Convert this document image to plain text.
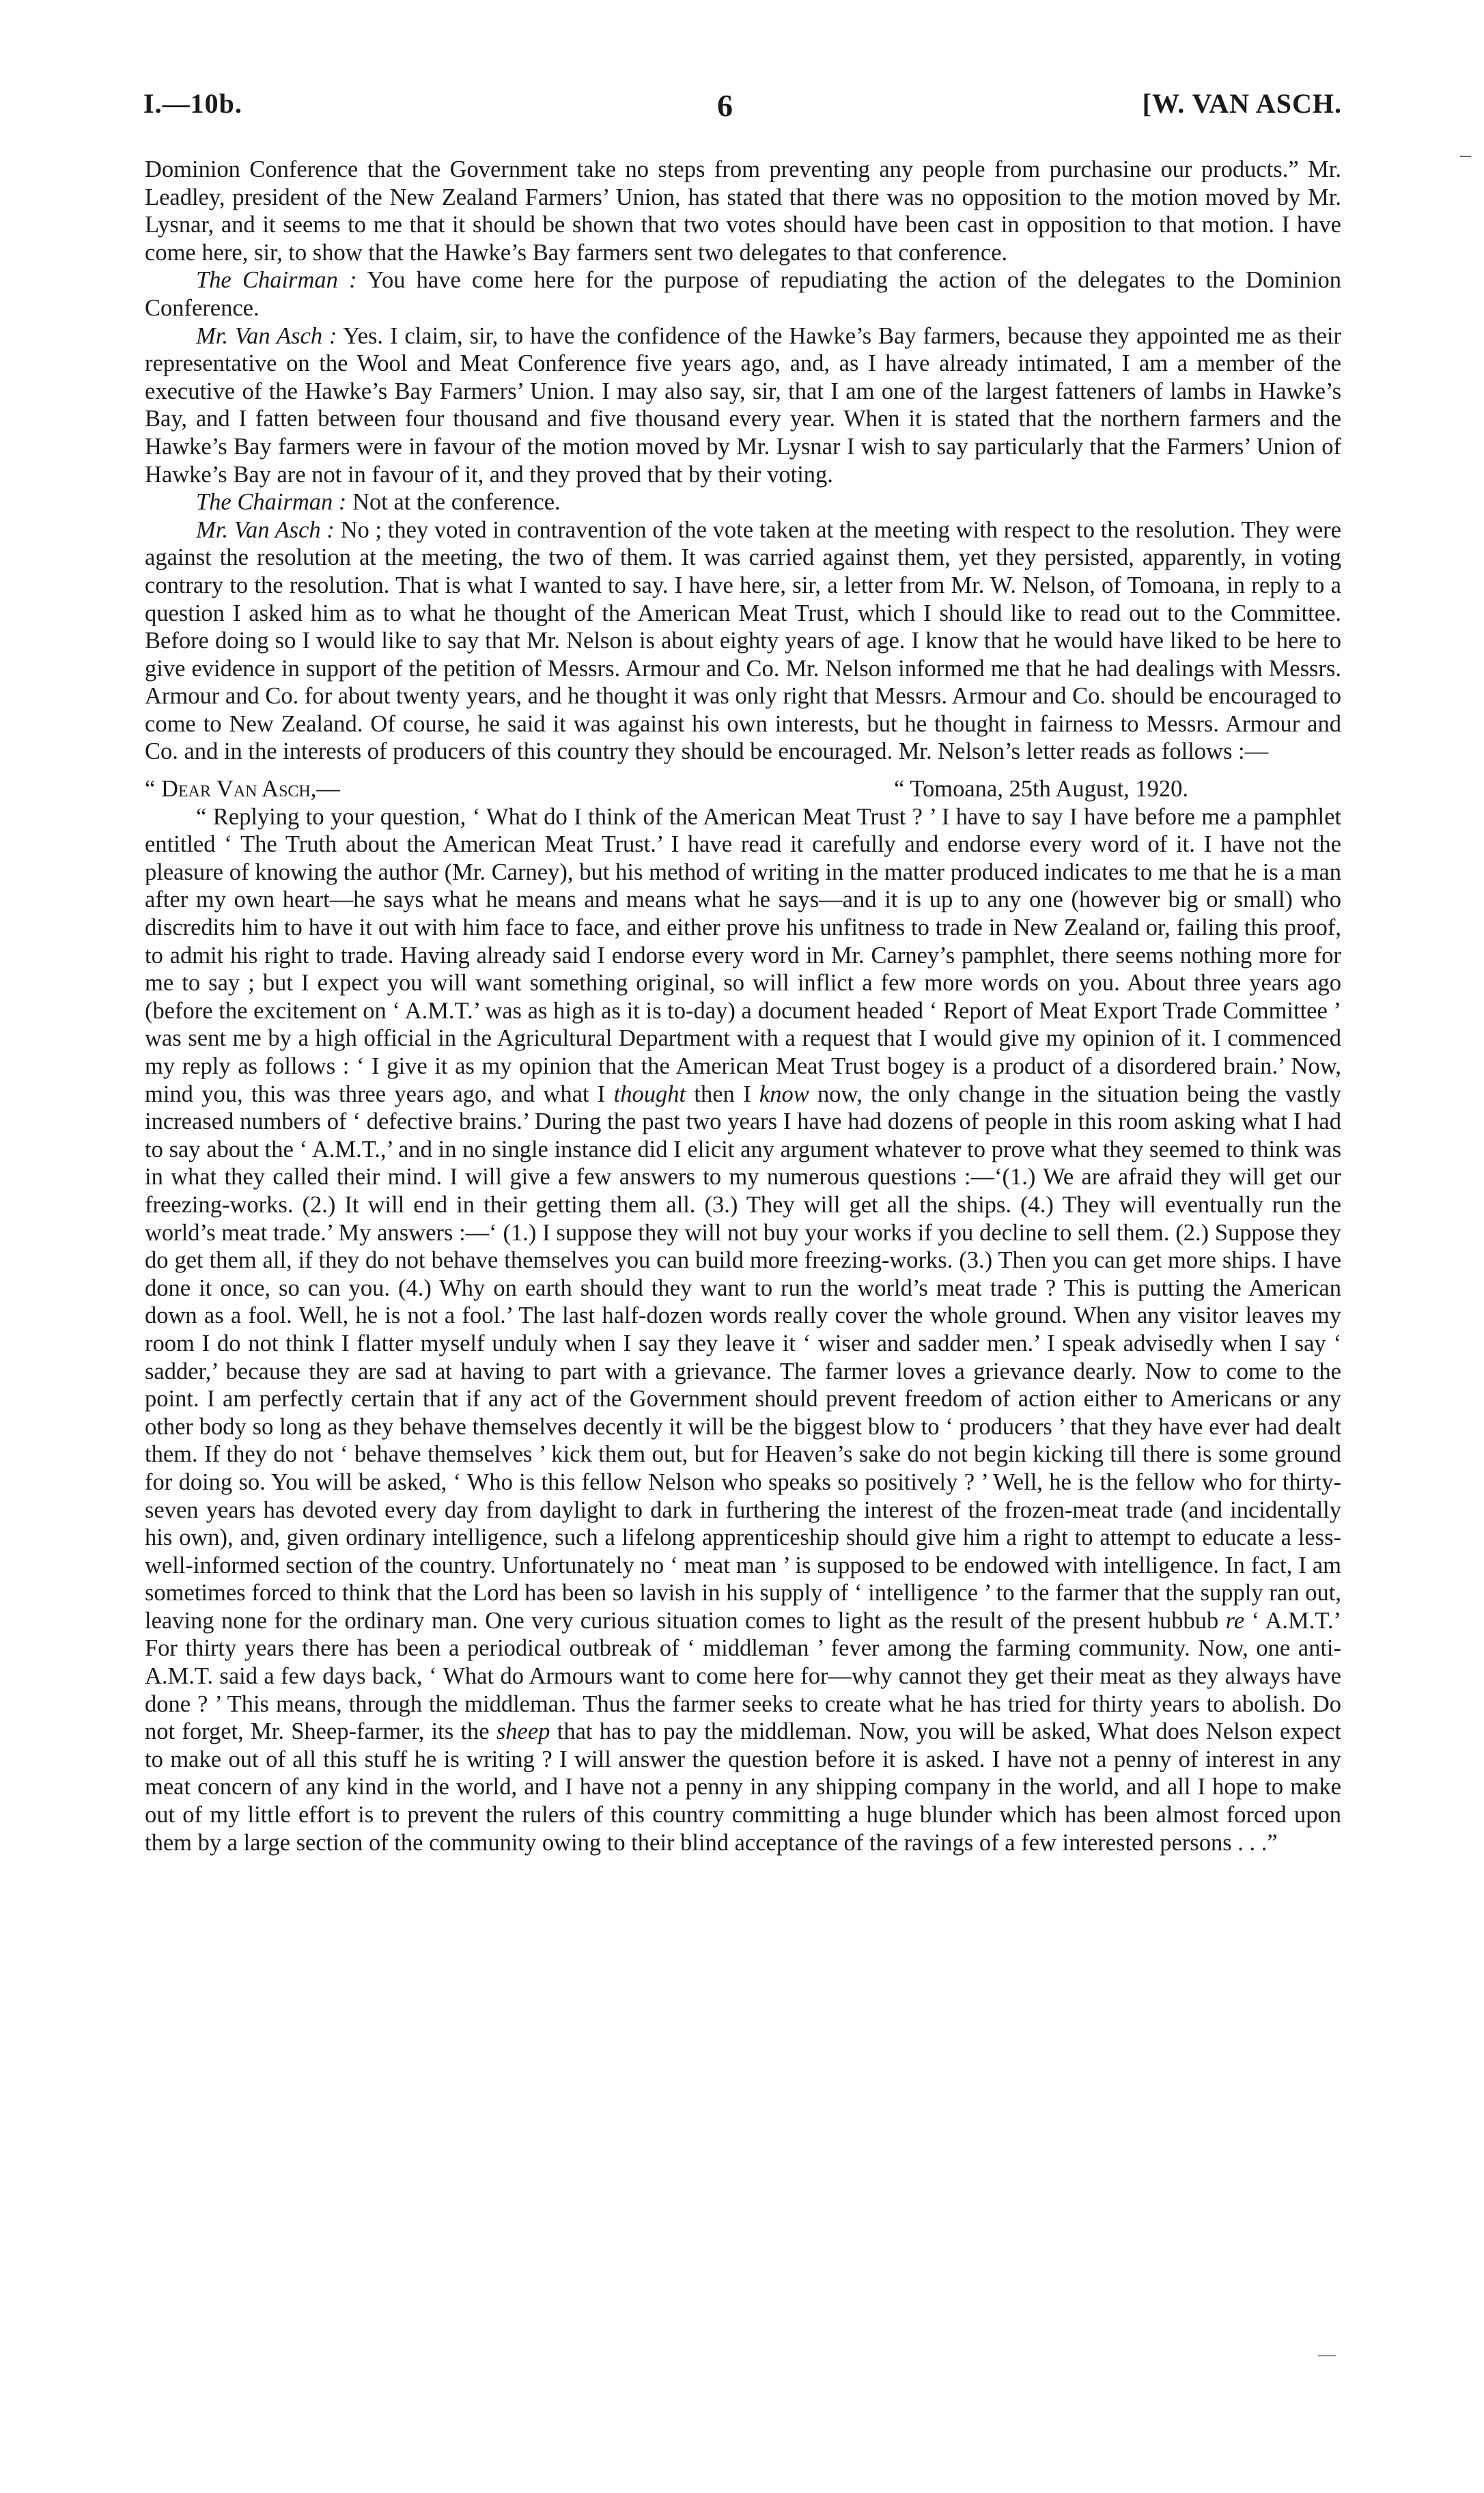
I.—10b.	6	[W. VAN ASCH.

Dominion Conference that the Government take no steps from preventing any people from purchasine our products.” Mr. Leadley, president of the New Zealand Farmers’ Union, has stated that there was no opposition to the motion moved by Mr. Lysnar, and it seems to me that it should be shown that two votes should have been cast in opposition to that motion. I have come here, sir, to show that the Hawke’s Bay farmers sent two delegates to that conference.

The Chairman : You have come here for the purpose of repudiating the action of the delegates to the Dominion Conference.

Mr. Van Asch : Yes. I claim, sir, to have the confidence of the Hawke’s Bay farmers, because they appointed me as their representative on the Wool and Meat Conference five years ago, and, as I have already intimated, I am a member of the executive of the Hawke’s Bay Farmers’ Union. I may also say, sir, that I am one of the largest fatteners of lambs in Hawke’s Bay, and I fatten between four thousand and five thousand every year. When it is stated that the northern farmers and the Hawke’s Bay farmers were in favour of the motion moved by Mr. Lysnar I wish to say particularly that the Farmers’ Union of Hawke’s Bay are not in favour of it, and they proved that by their voting.

The Chairman : Not at the conference.

Mr. Van Asch : No ; they voted in contravention of the vote taken at the meeting with respect to the resolution. They were against the resolution at the meeting, the two of them. It was carried against them, yet they persisted, apparently, in voting contrary to the resolution. That is what I wanted to say. I have here, sir, a letter from Mr. W. Nelson, of Tomoana, in reply to a question I asked him as to what he thought of the American Meat Trust, which I should like to read out to the Committee. Before doing so I would like to say that Mr. Nelson is about eighty years of age. I know that he would have liked to be here to give evidence in support of the petition of Messrs. Armour and Co. Mr. Nelson informed me that he had dealings with Messrs. Armour and Co. for about twenty years, and he thought it was only right that Messrs. Armour and Co. should be encouraged to come to New Zealand. Of course, he said it was against his own interests, but he thought in fairness to Messrs. Armour and Co. and in the interests of producers of this country they should be encouraged. Mr. Nelson’s letter reads as follows :—

“ Dear Van Asch,—	“ Tomoana, 25th August, 1920.

“ Replying to your question, ‘ What do I think of the American Meat Trust ? ’ I have to say I have before me a pamphlet entitled ‘ The Truth about the American Meat Trust.’ I have read it carefully and endorse every word of it. I have not the pleasure of knowing the author (Mr. Carney), but his method of writing in the matter produced indicates to me that he is a man after my own heart—he says what he means and means what he says—and it is up to any one (however big or small) who discredits him to have it out with him face to face, and either prove his unfitness to trade in New Zealand or, failing this proof, to admit his right to trade. Having already said I endorse every word in Mr. Carney’s pamphlet, there seems nothing more for me to say ; but I expect you will want something original, so will inflict a few more words on you. About three years ago (before the excitement on ‘ A.M.T.’ was as high as it is to-day) a document headed ‘ Report of Meat Export Trade Committee ’ was sent me by a high official in the Agricultural Department with a request that I would give my opinion of it. I commenced my reply as follows : ‘ I give it as my opinion that the American Meat Trust bogey is a product of a disordered brain.’ Now, mind you, this was three years ago, and what I thought then I know now, the only change in the situation being the vastly increased numbers of ‘ defective brains.’ During the past two years I have had dozens of people in this room asking what I had to say about the ‘ A.M.T.,’ and in no single instance did I elicit any argument whatever to prove what they seemed to think was in what they called their mind. I will give a few answers to my numerous questions :—‘(1.) We are afraid they will get our freezing-works. (2.) It will end in their getting them all. (3.) They will get all the ships. (4.) They will eventually run the world’s meat trade.’ My answers :—‘ (1.) I suppose they will not buy your works if you decline to sell them. (2.) Suppose they do get them all, if they do not behave themselves you can build more freezing-works. (3.) Then you can get more ships. I have done it once, so can you. (4.) Why on earth should they want to run the world’s meat trade ? This is putting the American down as a fool. Well, he is not a fool.’ The last half-dozen words really cover the whole ground. When any visitor leaves my room I do not think I flatter myself unduly when I say they leave it ‘ wiser and sadder men.’ I speak advisedly when I say ‘ sadder,’ because they are sad at having to part with a grievance. The farmer loves a grievance dearly. Now to come to the point. I am perfectly certain that if any act of the Government should prevent freedom of action either to Americans or any other body so long as they behave themselves decently it will be the biggest blow to ‘ producers ’ that they have ever had dealt them. If they do not ‘ behave themselves ’ kick them out, but for Heaven’s sake do not begin kicking till there is some ground for doing so. You will be asked, ‘ Who is this fellow Nelson who speaks so positively ? ’ Well, he is the fellow who for thirty-seven years has devoted every day from daylight to dark in furthering the interest of the frozen-meat trade (and incidentally his own), and, given ordinary intelligence, such a lifelong apprenticeship should give him a right to attempt to educate a less-well-informed section of the country. Unfortunately no ‘ meat man ’ is supposed to be endowed with intelligence. In fact, I am sometimes forced to think that the Lord has been so lavish in his supply of ‘ intelligence ’ to the farmer that the supply ran out, leaving none for the ordinary man. One very curious situation comes to light as the result of the present hubbub re ‘ A.M.T.’ For thirty years there has been a periodical outbreak of ‘ middleman ’ fever among the farming community. Now, one anti-A.M.T. said a few days back, ‘ What do Armours want to come here for—why cannot they get their meat as they always have done ? ’ This means, through the middleman. Thus the farmer seeks to create what he has tried for thirty years to abolish. Do not forget, Mr. Sheep-farmer, its the sheep that has to pay the middleman. Now, you will be asked, What does Nelson expect to make out of all this stuff he is writing ? I will answer the question before it is asked. I have not a penny of interest in any meat concern of any kind in the world, and I have not a penny in any shipping company in the world, and all I hope to make out of my little effort is to prevent the rulers of this country committing a huge blunder which has been almost forced upon them by a large section of the community owing to their blind acceptance of the ravings of a few interested persons . . .”
